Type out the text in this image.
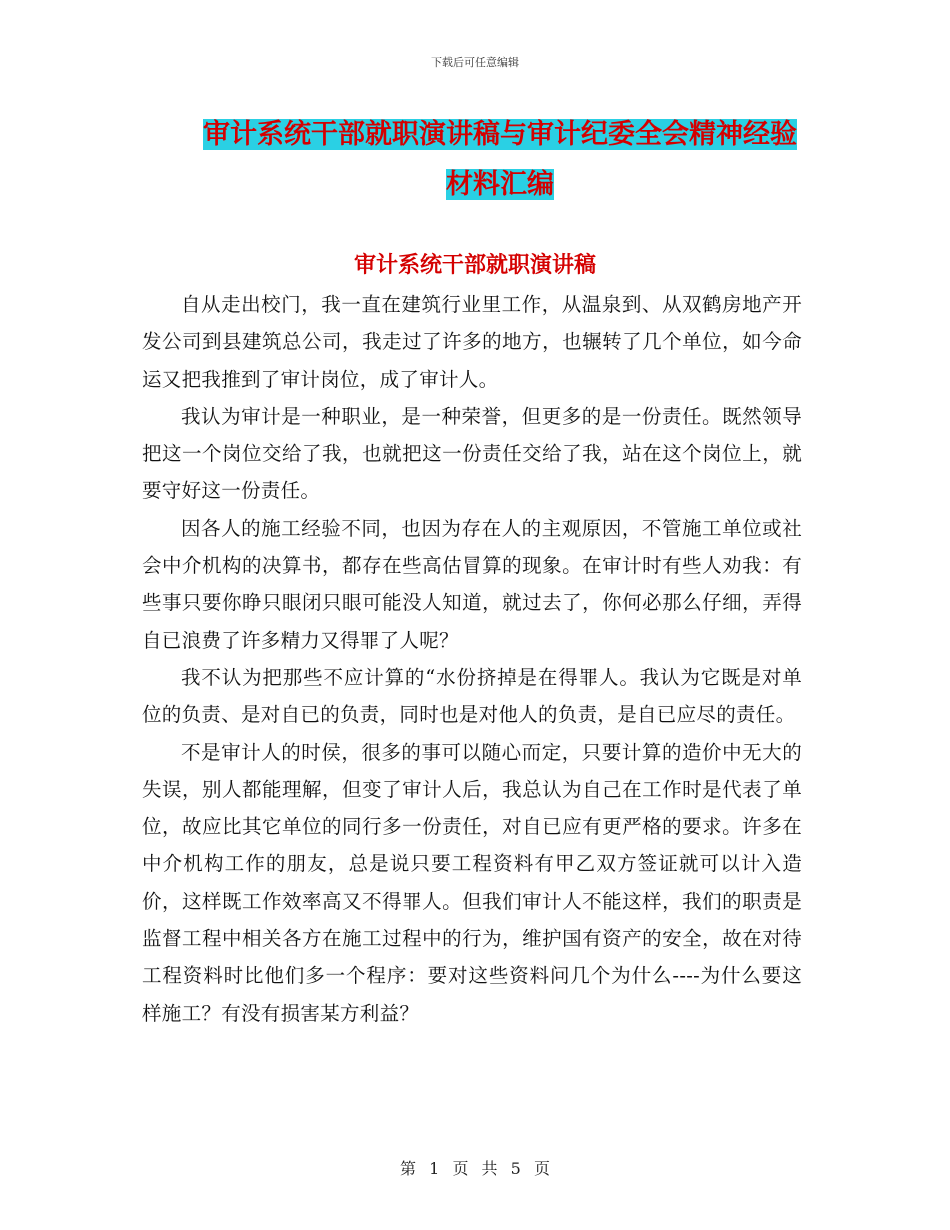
下载后可任意编辑
审计系统干部就职演讲稿与审计纪委全会精神经验材料汇编
审计系统干部就职演讲稿

自从走出校门，我一直在建筑行业里工作，从温泉到、从双鹤房地产开发公司到县建筑总公司，我走过了许多的地方，也辗转了几个单位，如今命运又把我推到了审计岗位，成了审计人。

我认为审计是一种职业，是一种荣誉，但更多的是一份责任。既然领导把这一个岗位交给了我，也就把这一份责任交给了我，站在这个岗位上，就要守好这一份责任。

因各人的施工经验不同，也因为存在人的主观原因，不管施工单位或社会中介机构的决算书，都存在些高估冒算的现象。在审计时有些人劝我：有些事只要你睁只眼闭只眼可能没人知道，就过去了，你何必那么仔细，弄得自已浪费了许多精力又得罪了人呢？

我不认为把那些不应计算的“水份挤掉是在得罪人。我认为它既是对单位的负责、是对自已的负责，同时也是对他人的负责，是自已应尽的责任。

不是审计人的时侯，很多的事可以随心而定，只要计算的造价中无大的失误，别人都能理解，但变了审计人后，我总认为自己在工作时是代表了单位，故应比其它单位的同行多一份责任，对自已应有更严格的要求。许多在中介机构工作的朋友，总是说只要工程资料有甲乙双方签证就可以计入造价，这样既工作效率高又不得罪人。但我们审计人不能这样，我们的职责是监督工程中相关各方在施工过程中的行为，维护国有资产的安全，故在对待工程资料时比他们多一个程序：要对这些资料问几个为什么----为什么要这样施工？有没有损害某方利益？

第 1 页 共 5 页
